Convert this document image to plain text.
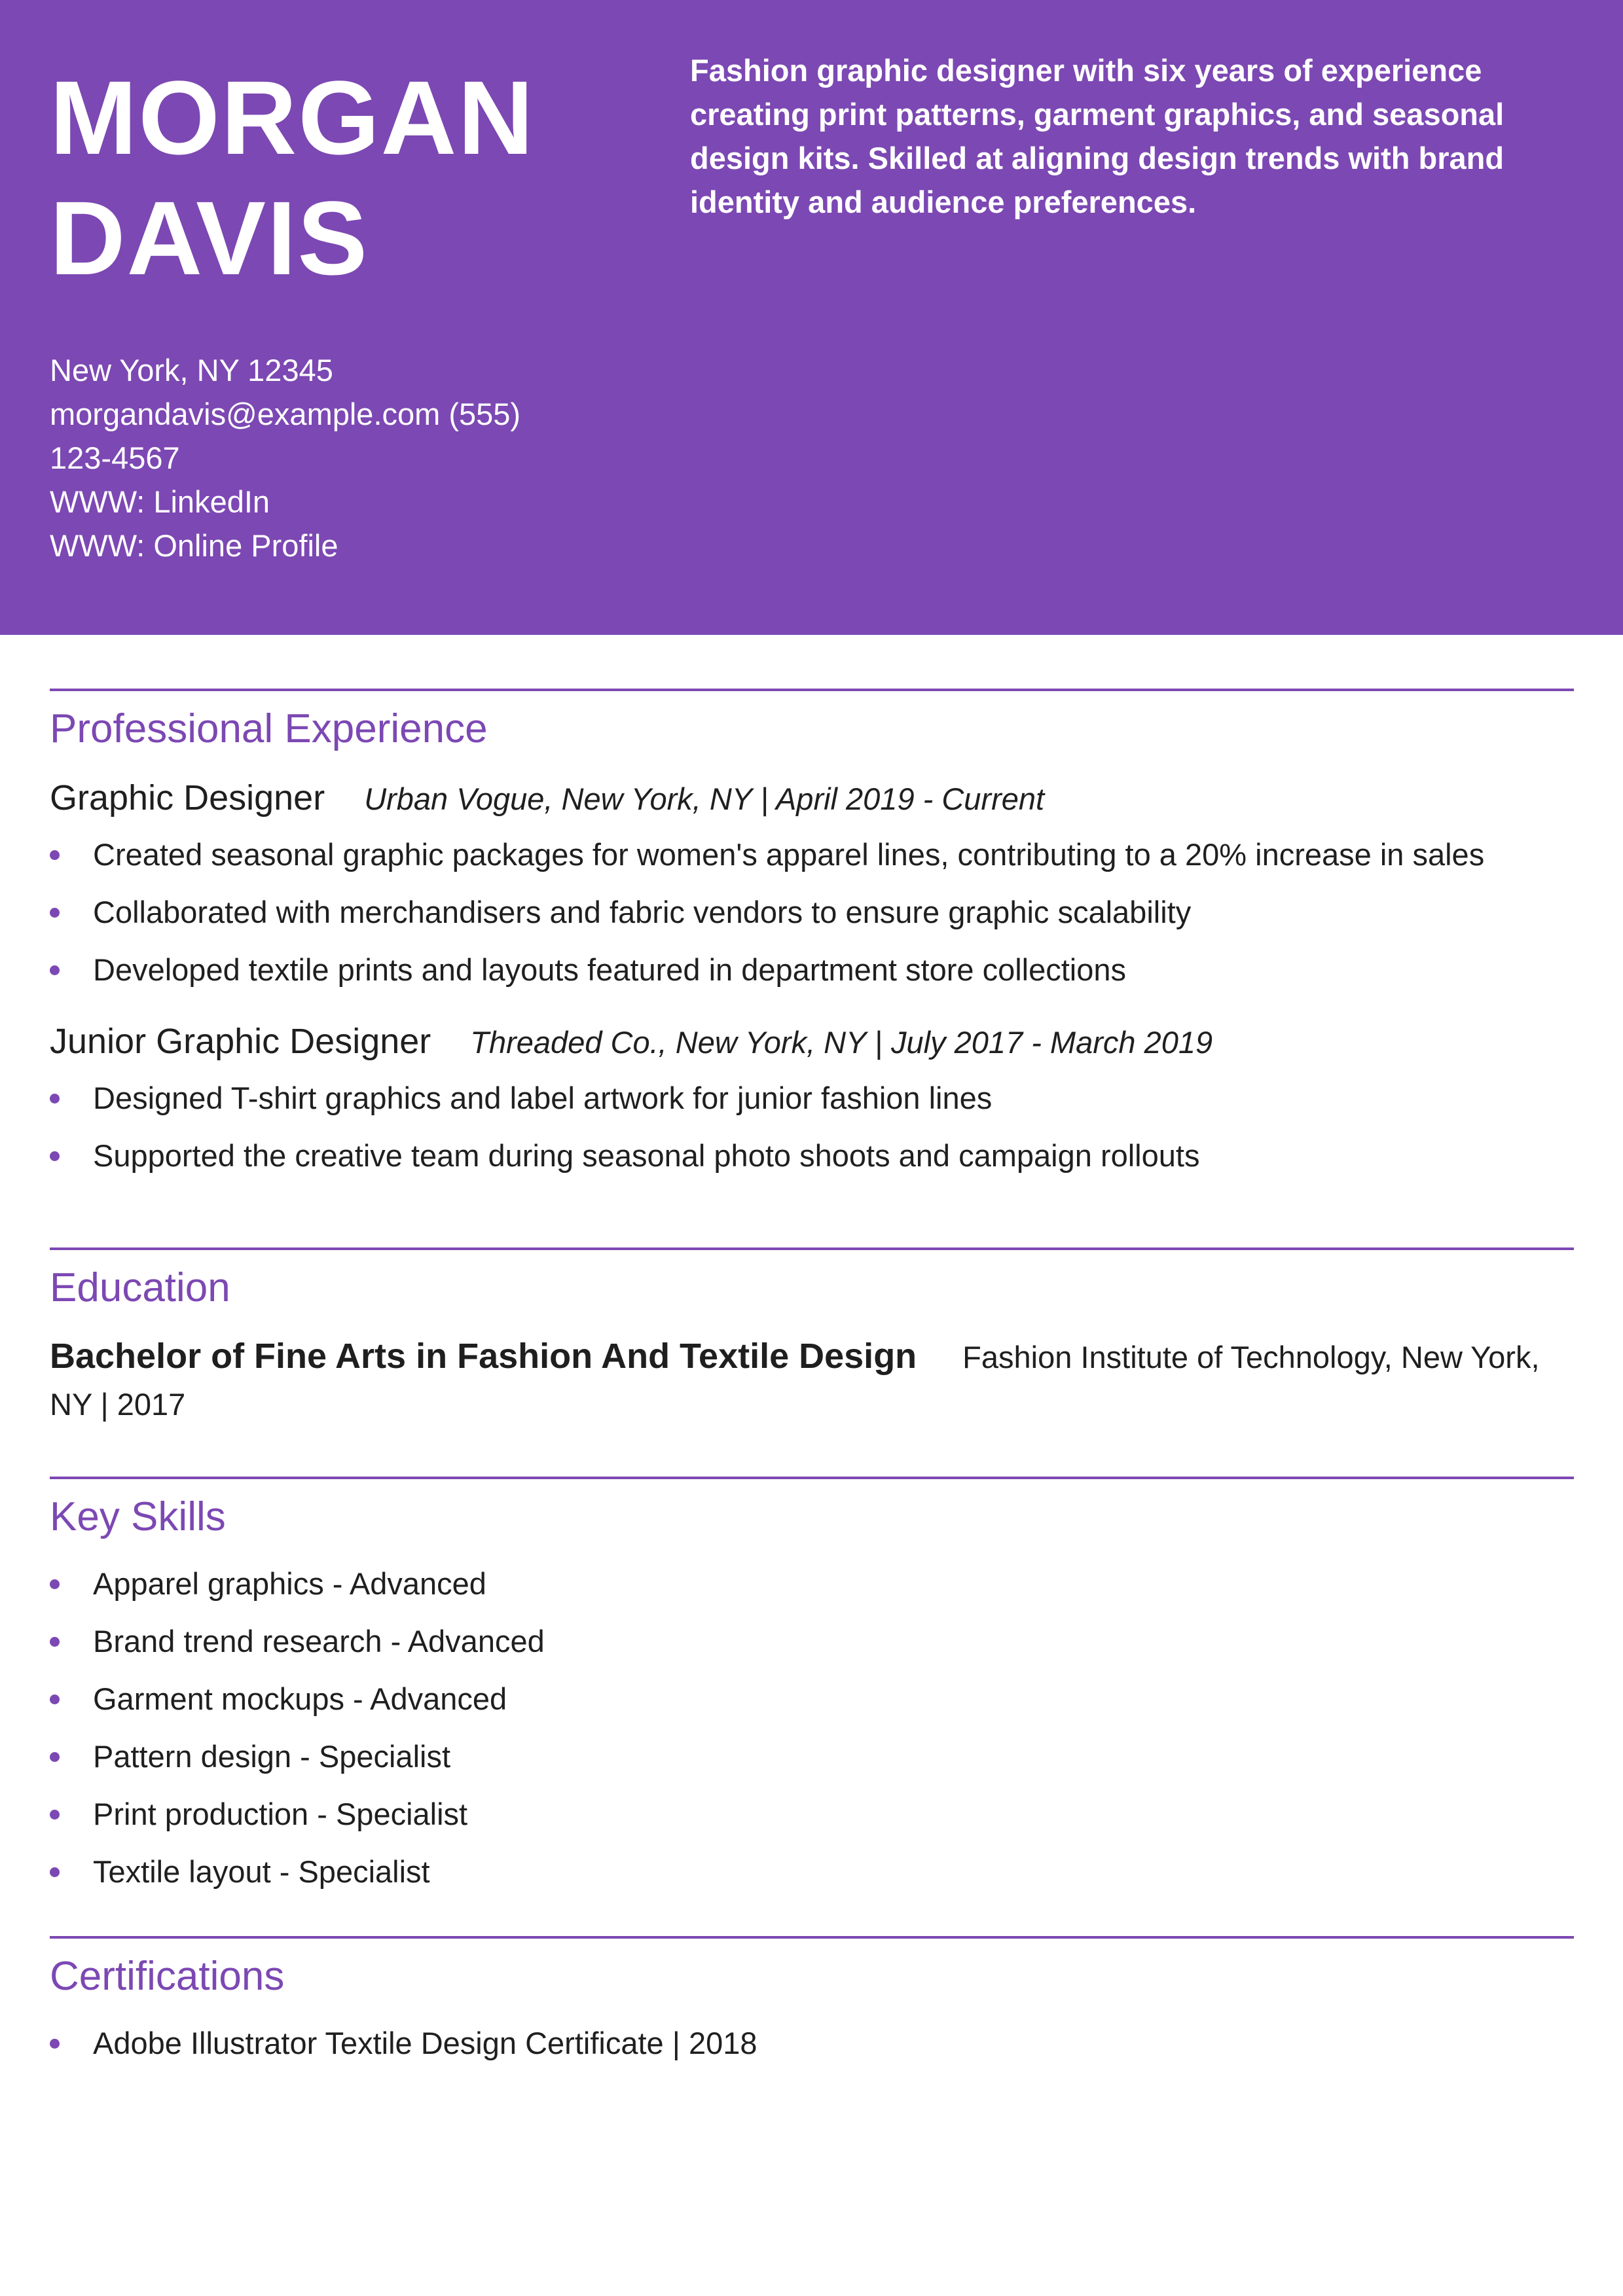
MORGAN
DAVIS
Fashion graphic designer with six years of experience creating print patterns, garment graphics, and seasonal design kits. Skilled at aligning design trends with brand identity and audience preferences.
New York, NY 12345
morgandavis@example.com (555)
123-4567
WWW: LinkedIn
WWW: Online Profile
Professional Experience
Graphic Designer Urban Vogue, New York, NY | April 2019 - Current
Created seasonal graphic packages for women's apparel lines, contributing to a 20% increase in sales
Collaborated with merchandisers and fabric vendors to ensure graphic scalability
Developed textile prints and layouts featured in department store collections
Junior Graphic Designer Threaded Co., New York, NY | July 2017 - March 2019
Designed T-shirt graphics and label artwork for junior fashion lines
Supported the creative team during seasonal photo shoots and campaign rollouts
Education
Bachelor of Fine Arts in Fashion And Textile Design Fashion Institute of Technology, New York, NY | 2017
Key Skills
Apparel graphics - Advanced
Brand trend research - Advanced
Garment mockups - Advanced
Pattern design - Specialist
Print production - Specialist
Textile layout - Specialist
Certifications
Adobe Illustrator Textile Design Certificate | 2018
